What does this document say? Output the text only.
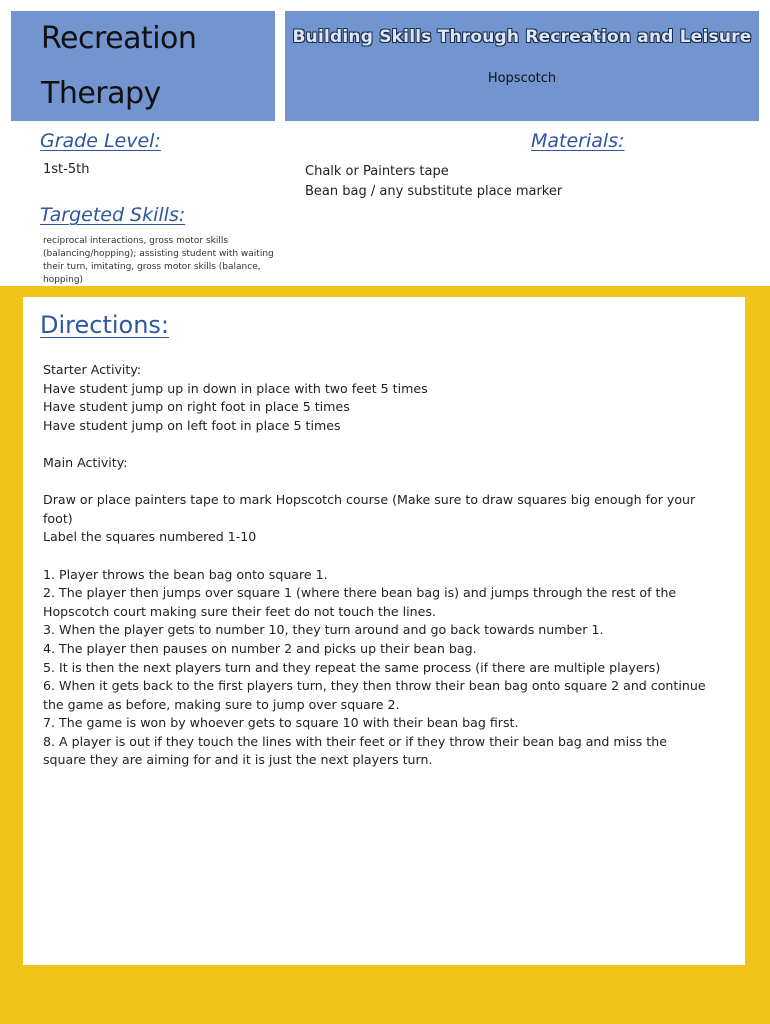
Recreation
Therapy
Building Skills Through Recreation and Leisure
Hopscotch
Grade Level:
1st-5th
Materials:
Chalk or Painters tape
Bean bag / any substitute place marker
Targeted Skills:
reciprocal interactions, gross motor skills (balancing/hopping); assisting student with waiting their turn, imitating, gross motor skills (balance, hopping)
Directions:
Starter Activity:
Have student jump up in down in place with two feet 5 times
Have student jump on right foot in place 5 times
Have student jump on left foot in place 5 times
Main Activity:
Draw or place painters tape to mark Hopscotch course (Make sure to draw squares big enough for your foot)
Label the squares numbered 1-10
1. Player throws the bean bag onto square 1.
2. The player then jumps over square 1 (where there bean bag is) and jumps through the rest of the Hopscotch court making sure their feet do not touch the lines.
3. When the player gets to number 10, they turn around and go back towards number 1.
4. The player then pauses on number 2 and picks up their bean bag.
5. It is then the next players turn and they repeat the same process (if there are multiple players)
6. When it gets back to the first players turn, they then throw their bean bag onto square 2 and continue the game as before, making sure to jump over square 2.
7. The game is won by whoever gets to square 10 with their bean bag first.
8. A player is out if they touch the lines with their feet or if they throw their bean bag and miss the square they are aiming for and it is just the next players turn.
